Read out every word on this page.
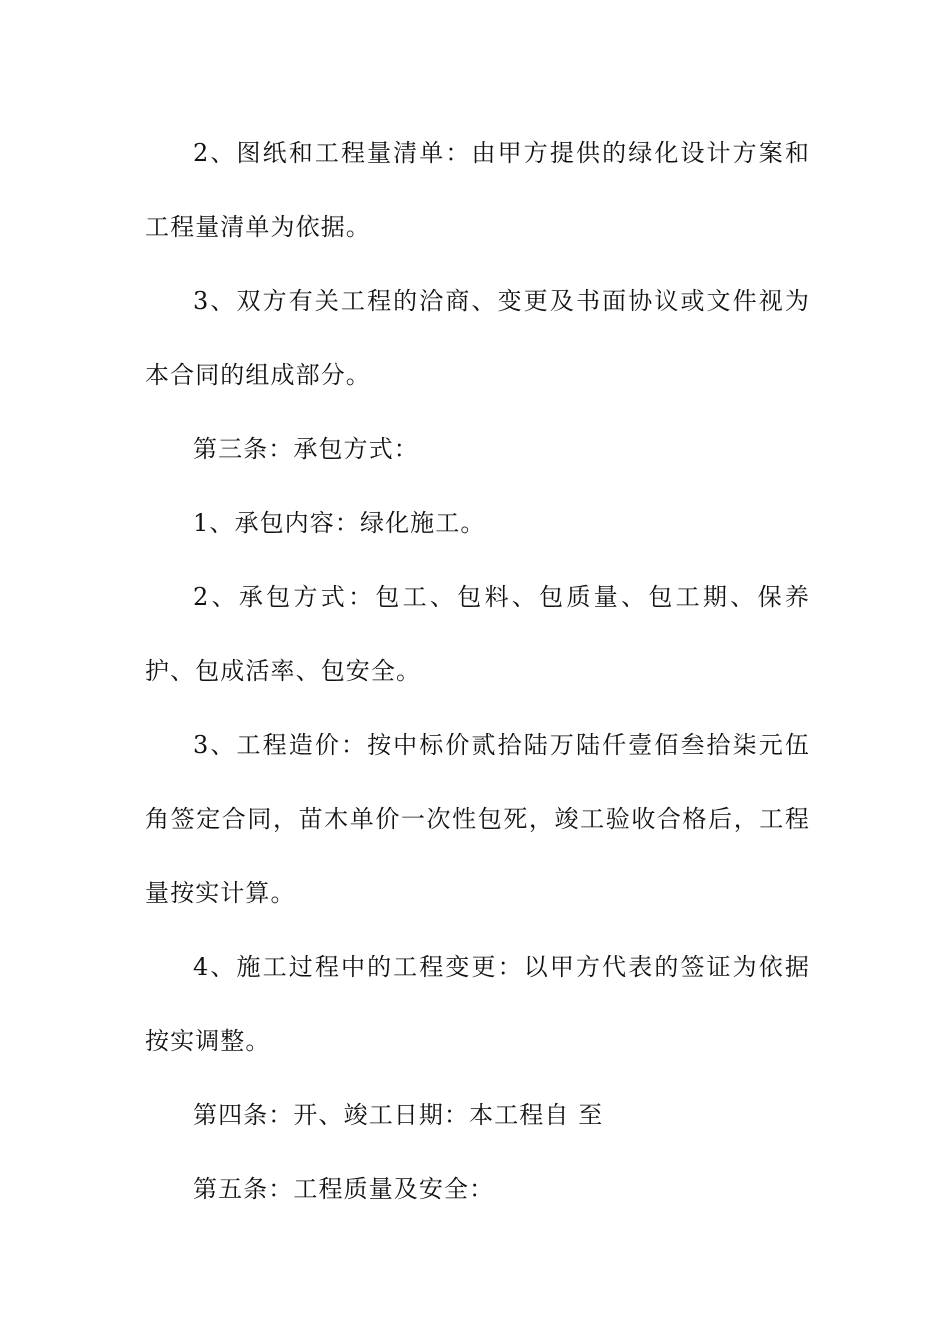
2、图纸和工程量清单：由甲方提供的绿化设计方案和工程量清单为依据。

3、双方有关工程的洽商、变更及书面协议或文件视为本合同的组成部分。

第三条：承包方式：

1、承包内容：绿化施工。

2、承包方式：包工、包料、包质量、包工期、保养护、包成活率、包安全。

3、工程造价：按中标价贰拾陆万陆仟壹佰叁拾柒元伍角签定合同，苗木单价一次性包死，竣工验收合格后，工程量按实计算。

4、施工过程中的工程变更：以甲方代表的签证为依据按实调整。

第四条：开、竣工日期：本工程自 至

第五条：工程质量及安全：
